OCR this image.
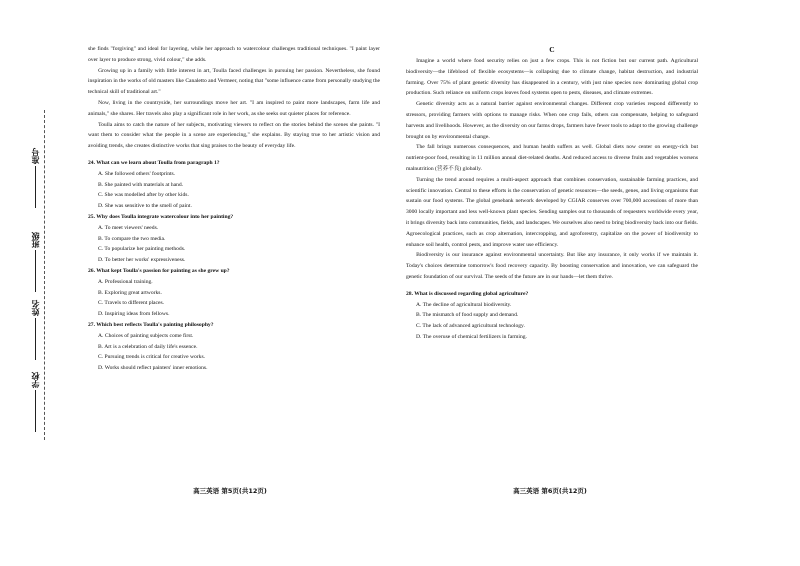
准号
班级
姓名
学校

she finds "forgiving" and ideal for layering, while her approach to watercolour challenges traditional techniques. "I paint layer over layer to produce strong, vivid colour," she adds.

Growing up in a family with little interest in art, Toulla faced challenges in pursuing her passion. Nevertheless, she found inspiration in the works of old masters like Canaletto and Vermeer, noting that "some influence came from personally studying the technical skill of traditional art."

Now, living in the countryside, her surroundings move her art. "I am inspired to paint more landscapes, farm life and animals," she shares. Her travels also play a significant role in her work, as she seeks out quieter places for reference.

Toulla aims to catch the nature of her subjects, motivating viewers to reflect on the stories behind the scenes she paints. "I want them to consider what the people in a scene are experiencing," she explains. By staying true to her artistic vision and avoiding trends, she creates distinctive works that sing praises to the beauty of everyday life.

24. What can we learn about Toulla from paragraph 1?

A. She followed others' footprints.

B. She painted with materials at hand.

C. She was modelled after by other kids.

D. She was sensitive to the smell of paint.

25. Why does Toulla integrate watercolour into her painting?

A. To meet viewers' needs.

B. To compare the two media.

C. To popularize her painting methods.

D. To better her works' expressiveness.

26. What kept Toulla's passion for painting as she grew up?

A. Professional training.

B. Exploring great artworks.

C. Travels to different places.

D. Inspiring ideas from fellows.

27. Which best reflects Toulla's painting philosophy?

A. Choices of painting subjects come first.

B. Art is a celebration of daily life's essence.

C. Pursuing trends is critical for creative works.

D. Works should reflect painters' inner emotions.

C

Imagine a world where food security relies on just a few crops. This is not fiction but our current path. Agricultural biodiversity—the lifeblood of flexible ecosystems—is collapsing due to climate change, habitat destruction, and industrial farming. Over 75% of plant genetic diversity has disappeared in a century, with just nine species now dominating global crop production. Such reliance on uniform crops leaves food systems open to pests, diseases, and climate extremes.

Genetic diversity acts as a natural barrier against environmental changes. Different crop varieties respond differently to stressors, providing farmers with options to manage risks. When one crop fails, others can compensate, helping to safeguard harvests and livelihoods. However, as the diversity on our farms drops, farmers have fewer tools to adapt to the growing challenge brought on by environmental change.

The fall brings numerous consequences, and human health suffers as well. Global diets now center on energy-rich but nutrient-poor food, resulting in 11 million annual diet-related deaths. And reduced access to diverse fruits and vegetables worsens malnutrition (营养不良) globally.

Turning the trend around requires a multi-aspect approach that combines conservation, sustainable farming practices, and scientific innovation. Central to these efforts is the conservation of genetic resources—the seeds, genes, and living organisms that sustain our food systems. The global genebank network developed by CGIAR conserves over 700,000 accessions of more than 3000 locally important and less well-known plant species. Sending samples out to thousands of requesters worldwide every year, it brings diversity back into communities, fields, and landscapes. We ourselves also need to bring biodiversity back into our fields. Agroecological practices, such as crop alternation, intercropping, and agroforestry, capitalize on the power of biodiversity to enhance soil health, control pests, and improve water use efficiency.

Biodiversity is our insurance against environmental uncertainty. But like any insurance, it only works if we maintain it. Today's choices determine tomorrow's food recovery capacity. By boosting conservation and innovation, we can safeguard the genetic foundation of our survival. The seeds of the future are in our hands—let them thrive.

28. What is discussed regarding global agriculture?

A. The decline of agricultural biodiversity.

B. The mismatch of food supply and demand.

C. The lack of advanced agricultural technology.

D. The overuse of chemical fertilizers in farming.

高三英语 第5页(共12页)	高三英语 第6页(共12页)
